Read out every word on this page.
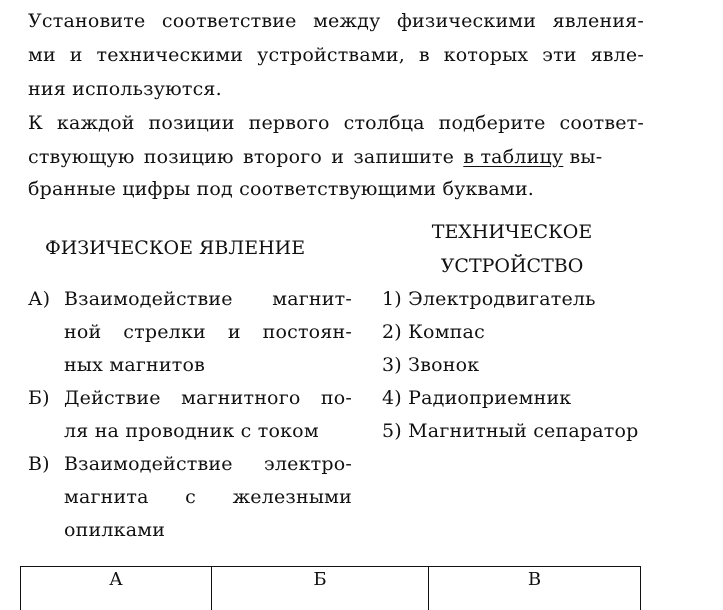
Установите соответствие между физическими явления-
ми и техническими устройствами, в которых эти явле-
ния используются.
К каждой позиции первого столбца подберите соответ-
ствующую позицию второго и запишите в таблицу вы-
бранные цифры под соответствующими буквами.
ФИЗИЧЕСКОЕ ЯВЛЕНИЕ
ТЕХНИЧЕСКОЕ
УСТРОЙСТВО
А) Взаимодействие магнит-
ной стрелки и постоян-
ных магнитов
Б) Действие магнитного по-
ля на проводник с током
В) Взаимодействие электро-
магнита с железными
опилками
1) Электродвигатель
2) Компас
3) Звонок
4) Радиоприемник
5) Магнитный сепаратор
А	Б	В
